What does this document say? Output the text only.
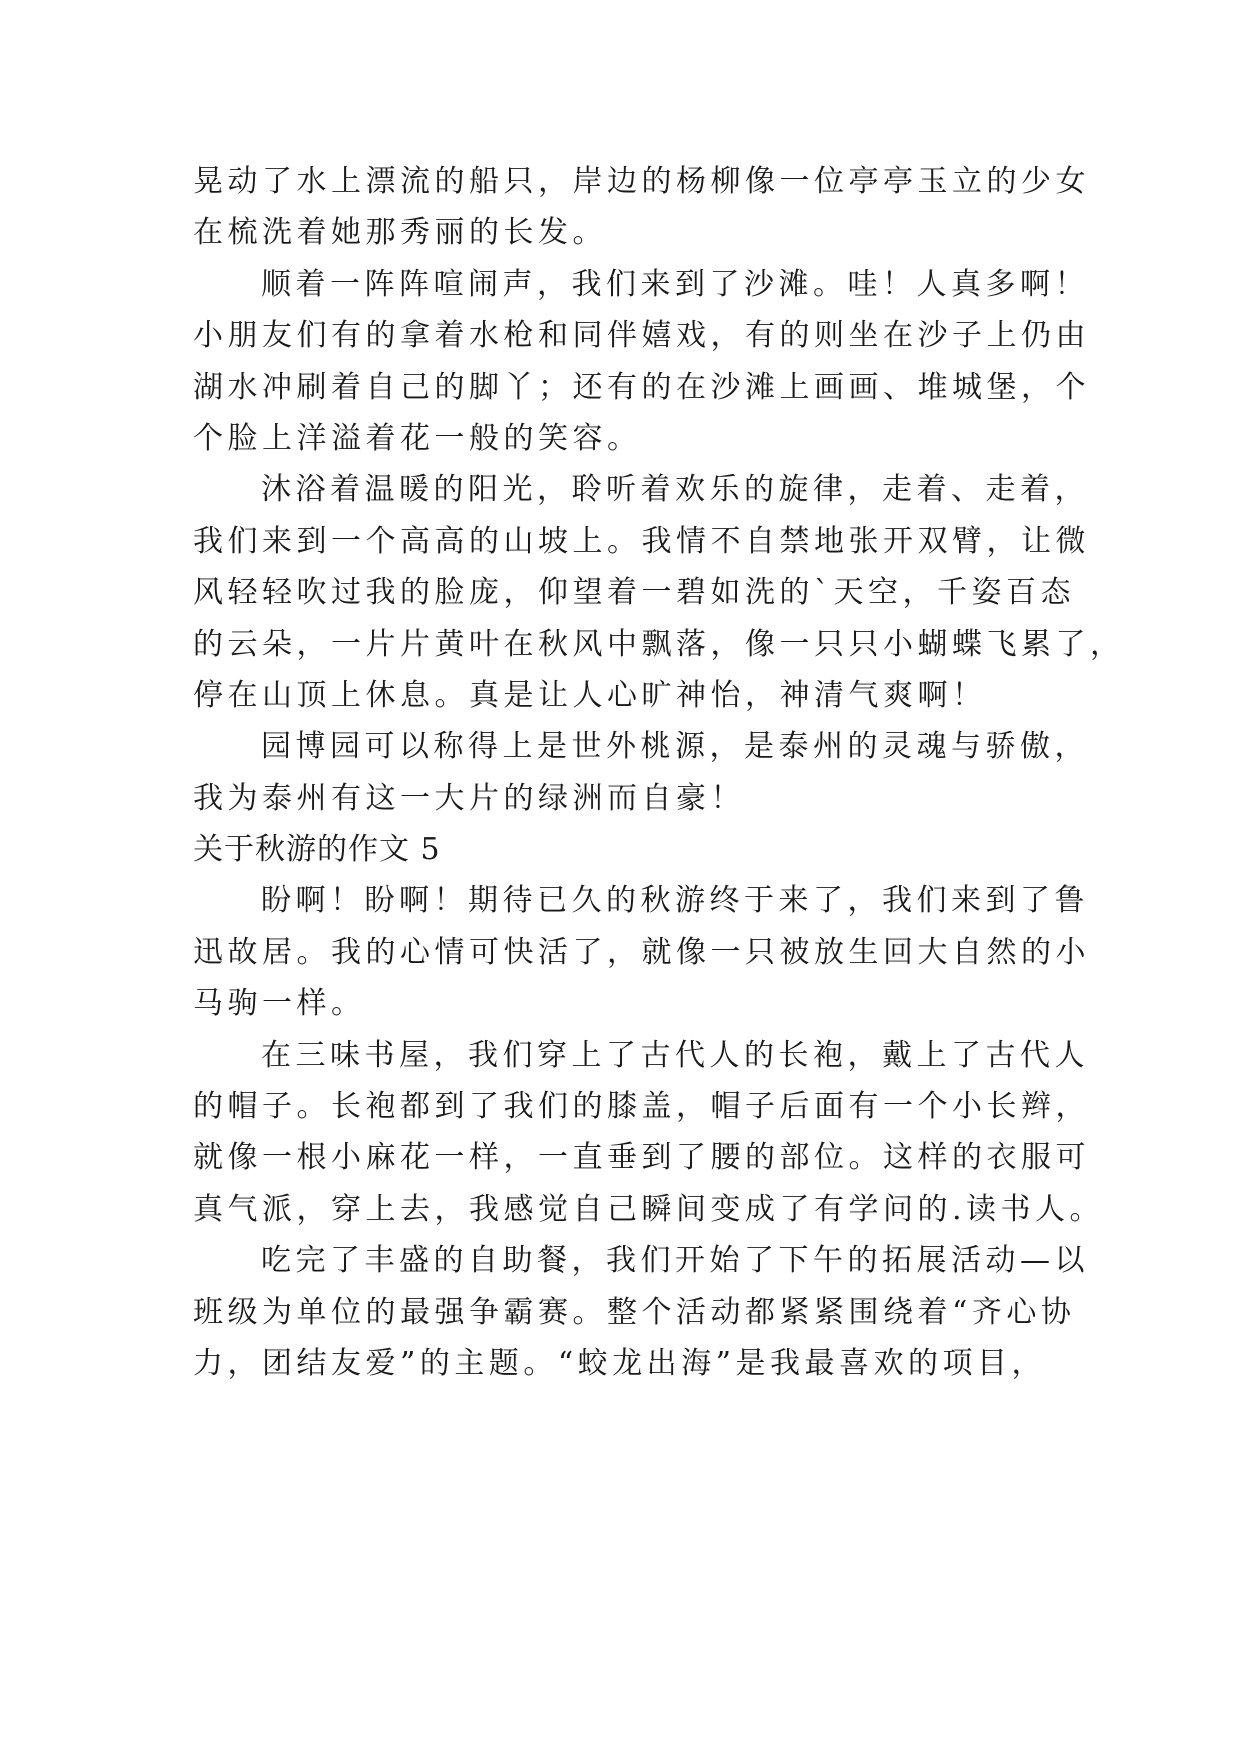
晃动了水上漂流的船只，岸边的杨柳像一位亭亭玉立的少女
在梳洗着她那秀丽的长发。
顺着一阵阵喧闹声，我们来到了沙滩。哇！人真多啊！
小朋友们有的拿着水枪和同伴嬉戏，有的则坐在沙子上仍由
湖水冲刷着自己的脚丫；还有的在沙滩上画画、堆城堡，个
个脸上洋溢着花一般的笑容。
沐浴着温暖的阳光，聆听着欢乐的旋律，走着、走着，
我们来到一个高高的山坡上。我情不自禁地张开双臂，让微
风轻轻吹过我的脸庞，仰望着一碧如洗的`天空，千姿百态
的云朵，一片片黄叶在秋风中飘落，像一只只小蝴蝶飞累了，
停在山顶上休息。真是让人心旷神怡，神清气爽啊！
园博园可以称得上是世外桃源，是泰州的灵魂与骄傲，
我为泰州有这一大片的绿洲而自豪！
关于秋游的作文 5
盼啊！盼啊！期待已久的秋游终于来了，我们来到了鲁
迅故居。我的心情可快活了，就像一只被放生回大自然的小
马驹一样。
在三味书屋，我们穿上了古代人的长袍，戴上了古代人
的帽子。长袍都到了我们的膝盖，帽子后面有一个小长辫，
就像一根小麻花一样，一直垂到了腰的部位。这样的衣服可
真气派，穿上去，我感觉自己瞬间变成了有学问的.读书人。
吃完了丰盛的自助餐，我们开始了下午的拓展活动—以
班级为单位的最强争霸赛。整个活动都紧紧围绕着“齐心协
力，团结友爱”的主题。“蛟龙出海”是我最喜欢的项目，
